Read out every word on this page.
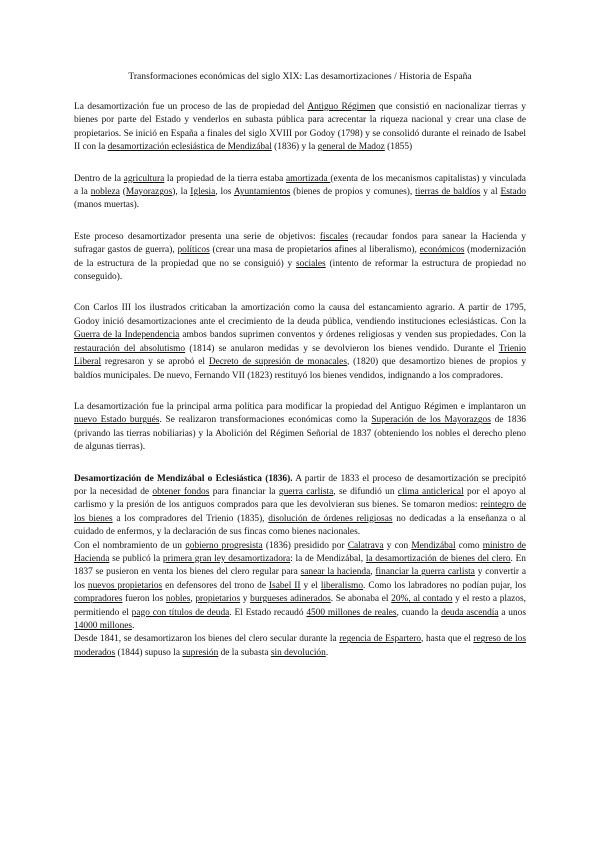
Transformaciones económicas del siglo XIX: Las desamortizaciones / Historia de España

La desamortización fue un proceso de las de propiedad del Antiguo Régimen que consistió en nacionalizar tierras y bienes por parte del Estado y venderlos en subasta pública para acrecentar la riqueza nacional y crear una clase de propietarios. Se inició en España a finales del siglo XVIII por Godoy (1798) y se consolidó durante el reinado de Isabel II con la desamortización eclesiástica de Mendizábal (1836) y la general de Madoz (1855)

Dentro de la agricultura la propiedad de la tierra estaba amortizada (exenta de los mecanismos capitalistas) y vinculada a la nobleza (Mayorazgos), la Iglesia, los Ayuntamientos (bienes de propios y comunes), tierras de baldíos y al Estado (manos muertas).

Este proceso desamortizador presenta una serie de objetivos: fiscales (recaudar fondos para sanear la Hacienda y sufragar gastos de guerra), políticos (crear una masa de propietarios afines al liberalismo), económicos (modernización de la estructura de la propiedad que no se consiguió) y sociales (intento de reformar la estructura de propiedad no conseguido).

Con Carlos III los ilustrados criticaban la amortización como la causa del estancamiento agrario. A partir de 1795, Godoy inició desamortizaciones ante el crecimiento de la deuda pública, vendiendo instituciones eclesiásticas. Con la Guerra de la Independencia ambos bandos suprimen conventos y órdenes religiosas y venden sus propiedades. Con la restauración del absolutismo (1814) se anularon medidas y se devolvieron los bienes vendido. Durante el Trienio Liberal regresaron y se aprobó el Decreto de supresión de monacales, (1820) que desamortizo bienes de propios y baldíos municipales. De nuevo, Fernando VII (1823) restituyó los bienes vendidos, indignando a los compradores.

La desamortización fue la principal arma política para modificar la propiedad del Antiguo Régimen e implantaron un nuevo Estado burgués. Se realizaron transformaciones económicas como la Superación de los Mayorazgos de 1836 (privando las tierras nobiliarias) y la Abolición del Régimen Señorial de 1837 (obteniendo los nobles el derecho pleno de algunas tierras).

Desamortización de Mendizábal o Eclesiástica (1836). A partir de 1833 el proceso de desamortización se precipitó por la necesidad de obtener fondos para financiar la guerra carlista, se difundió un clima anticlerical por el apoyo al carlismo y la presión de los antiguos comprados para que les devolvieran sus bienes. Se tomaron medios: reintegro de los bienes a los compradores del Trienio (1835), disolución de órdenes religiosas no dedicadas a la enseñanza o al cuidado de enfermos, y la declaración de sus fincas como bienes nacionales.

Con el nombramiento de un gobierno progresista (1836) presidido por Calatrava y con Mendizábal como ministro de Hacienda se publicó la primera gran ley desamortizadora: la de Mendizábal, la desamortización de bienes del clero. En 1837 se pusieron en venta los bienes del clero regular para sanear la hacienda, financiar la guerra carlista y convertir a los nuevos propietarios en defensores del trono de Isabel II y el liberalismo. Como los labradores no podían pujar, los compradores fueron los nobles, propietarios y burgueses adinerados. Se abonaba el 20%, al contado y el resto a plazos, permitiendo el pago con títulos de deuda. El Estado recaudó 4500 millones de reales, cuando la deuda ascendía a unos 14000 millones.

Desde 1841, se desamortizaron los bienes del clero secular durante la regencia de Espartero, hasta que el regreso de los moderados (1844) supuso la supresión de la subasta sin devolución.
